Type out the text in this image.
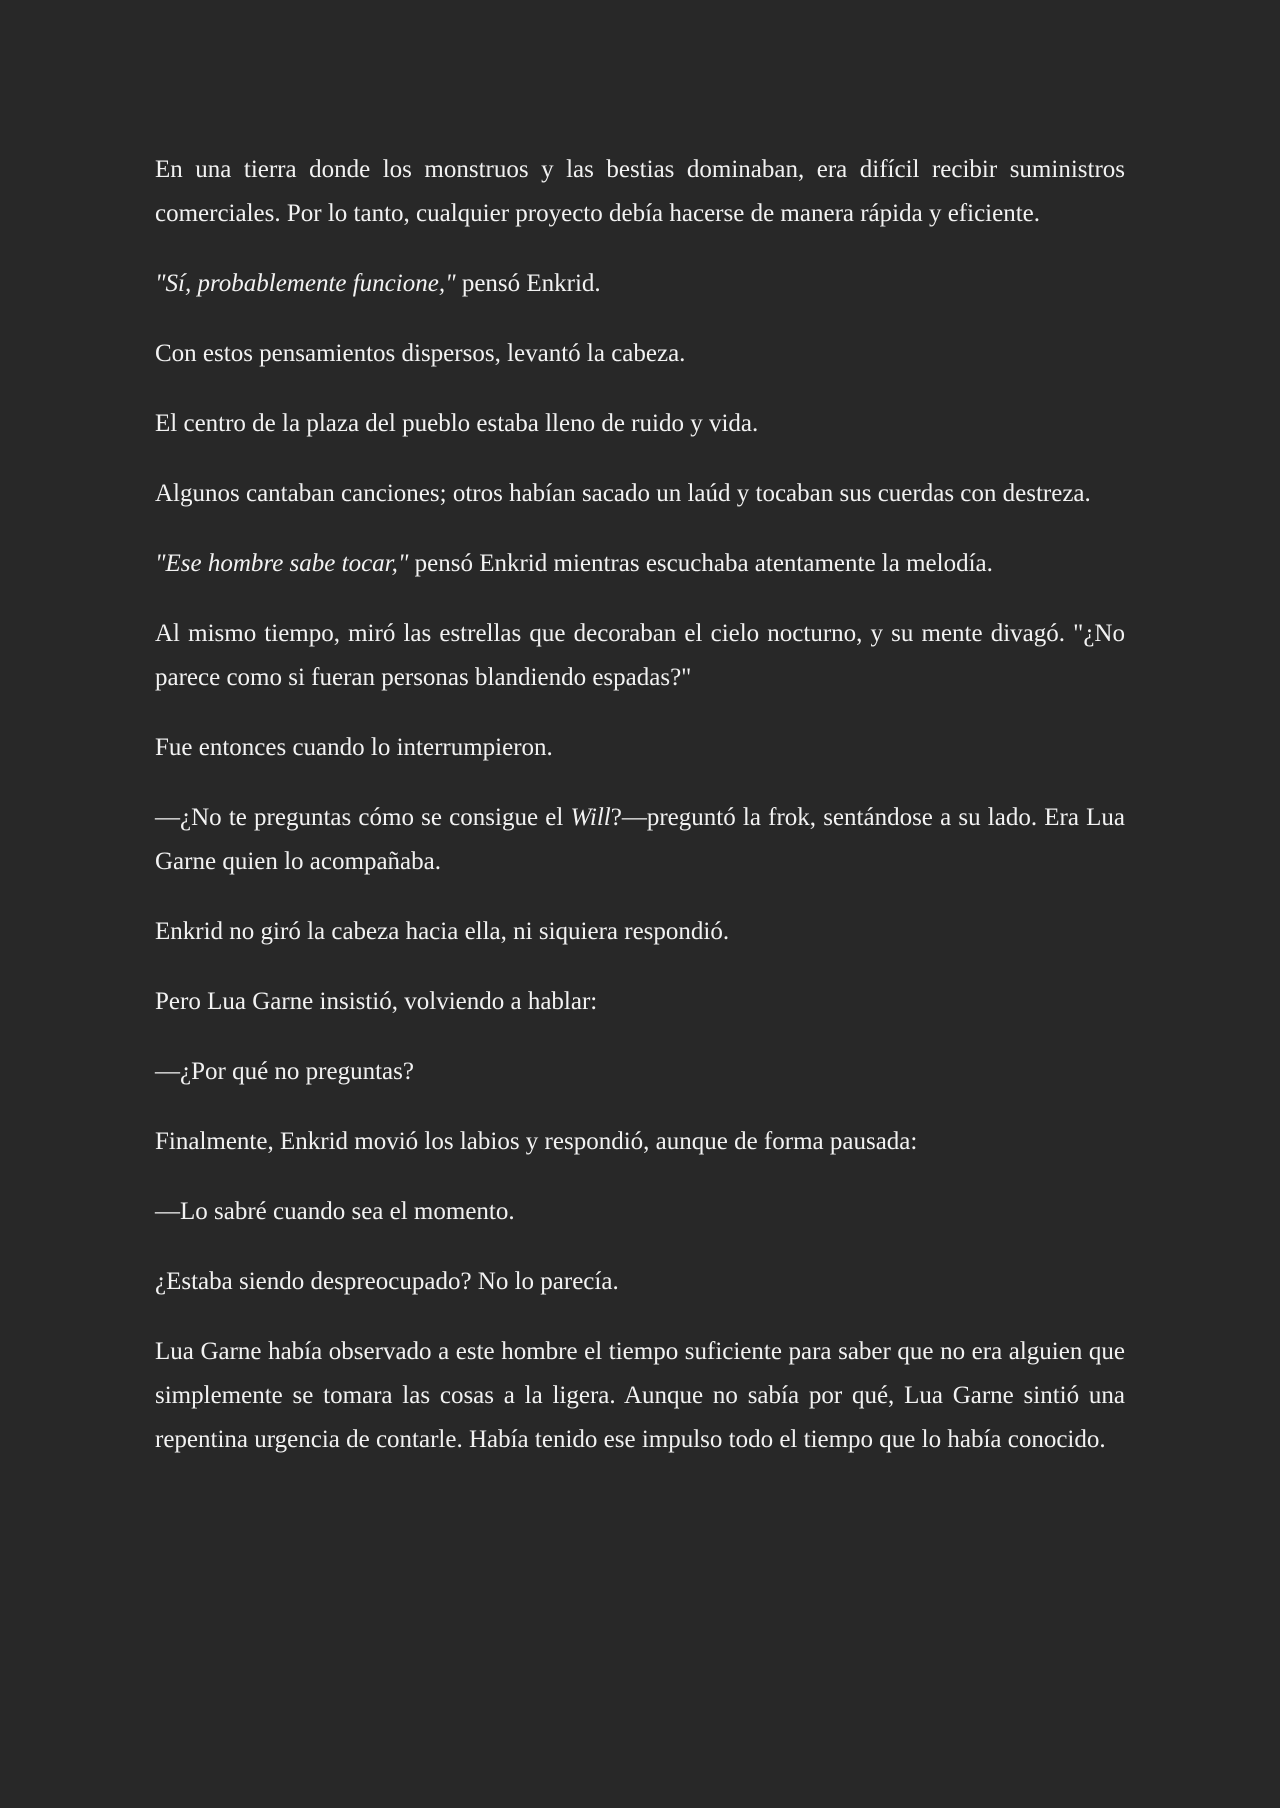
En una tierra donde los monstruos y las bestias dominaban, era difícil recibir suministros comerciales. Por lo tanto, cualquier proyecto debía hacerse de manera rápida y eficiente.

"Sí, probablemente funcione," pensó Enkrid.

Con estos pensamientos dispersos, levantó la cabeza.

El centro de la plaza del pueblo estaba lleno de ruido y vida.

Algunos cantaban canciones; otros habían sacado un laúd y tocaban sus cuerdas con destreza.

"Ese hombre sabe tocar," pensó Enkrid mientras escuchaba atentamente la melodía.

Al mismo tiempo, miró las estrellas que decoraban el cielo nocturno, y su mente divagó. "¿No parece como si fueran personas blandiendo espadas?"

Fue entonces cuando lo interrumpieron.

—¿No te preguntas cómo se consigue el Will?—preguntó la frok, sentándose a su lado. Era Lua Garne quien lo acompañaba.

Enkrid no giró la cabeza hacia ella, ni siquiera respondió.

Pero Lua Garne insistió, volviendo a hablar:

—¿Por qué no preguntas?

Finalmente, Enkrid movió los labios y respondió, aunque de forma pausada:

—Lo sabré cuando sea el momento.

¿Estaba siendo despreocupado? No lo parecía.

Lua Garne había observado a este hombre el tiempo suficiente para saber que no era alguien que simplemente se tomara las cosas a la ligera. Aunque no sabía por qué, Lua Garne sintió una repentina urgencia de contarle. Había tenido ese impulso todo el tiempo que lo había conocido.
